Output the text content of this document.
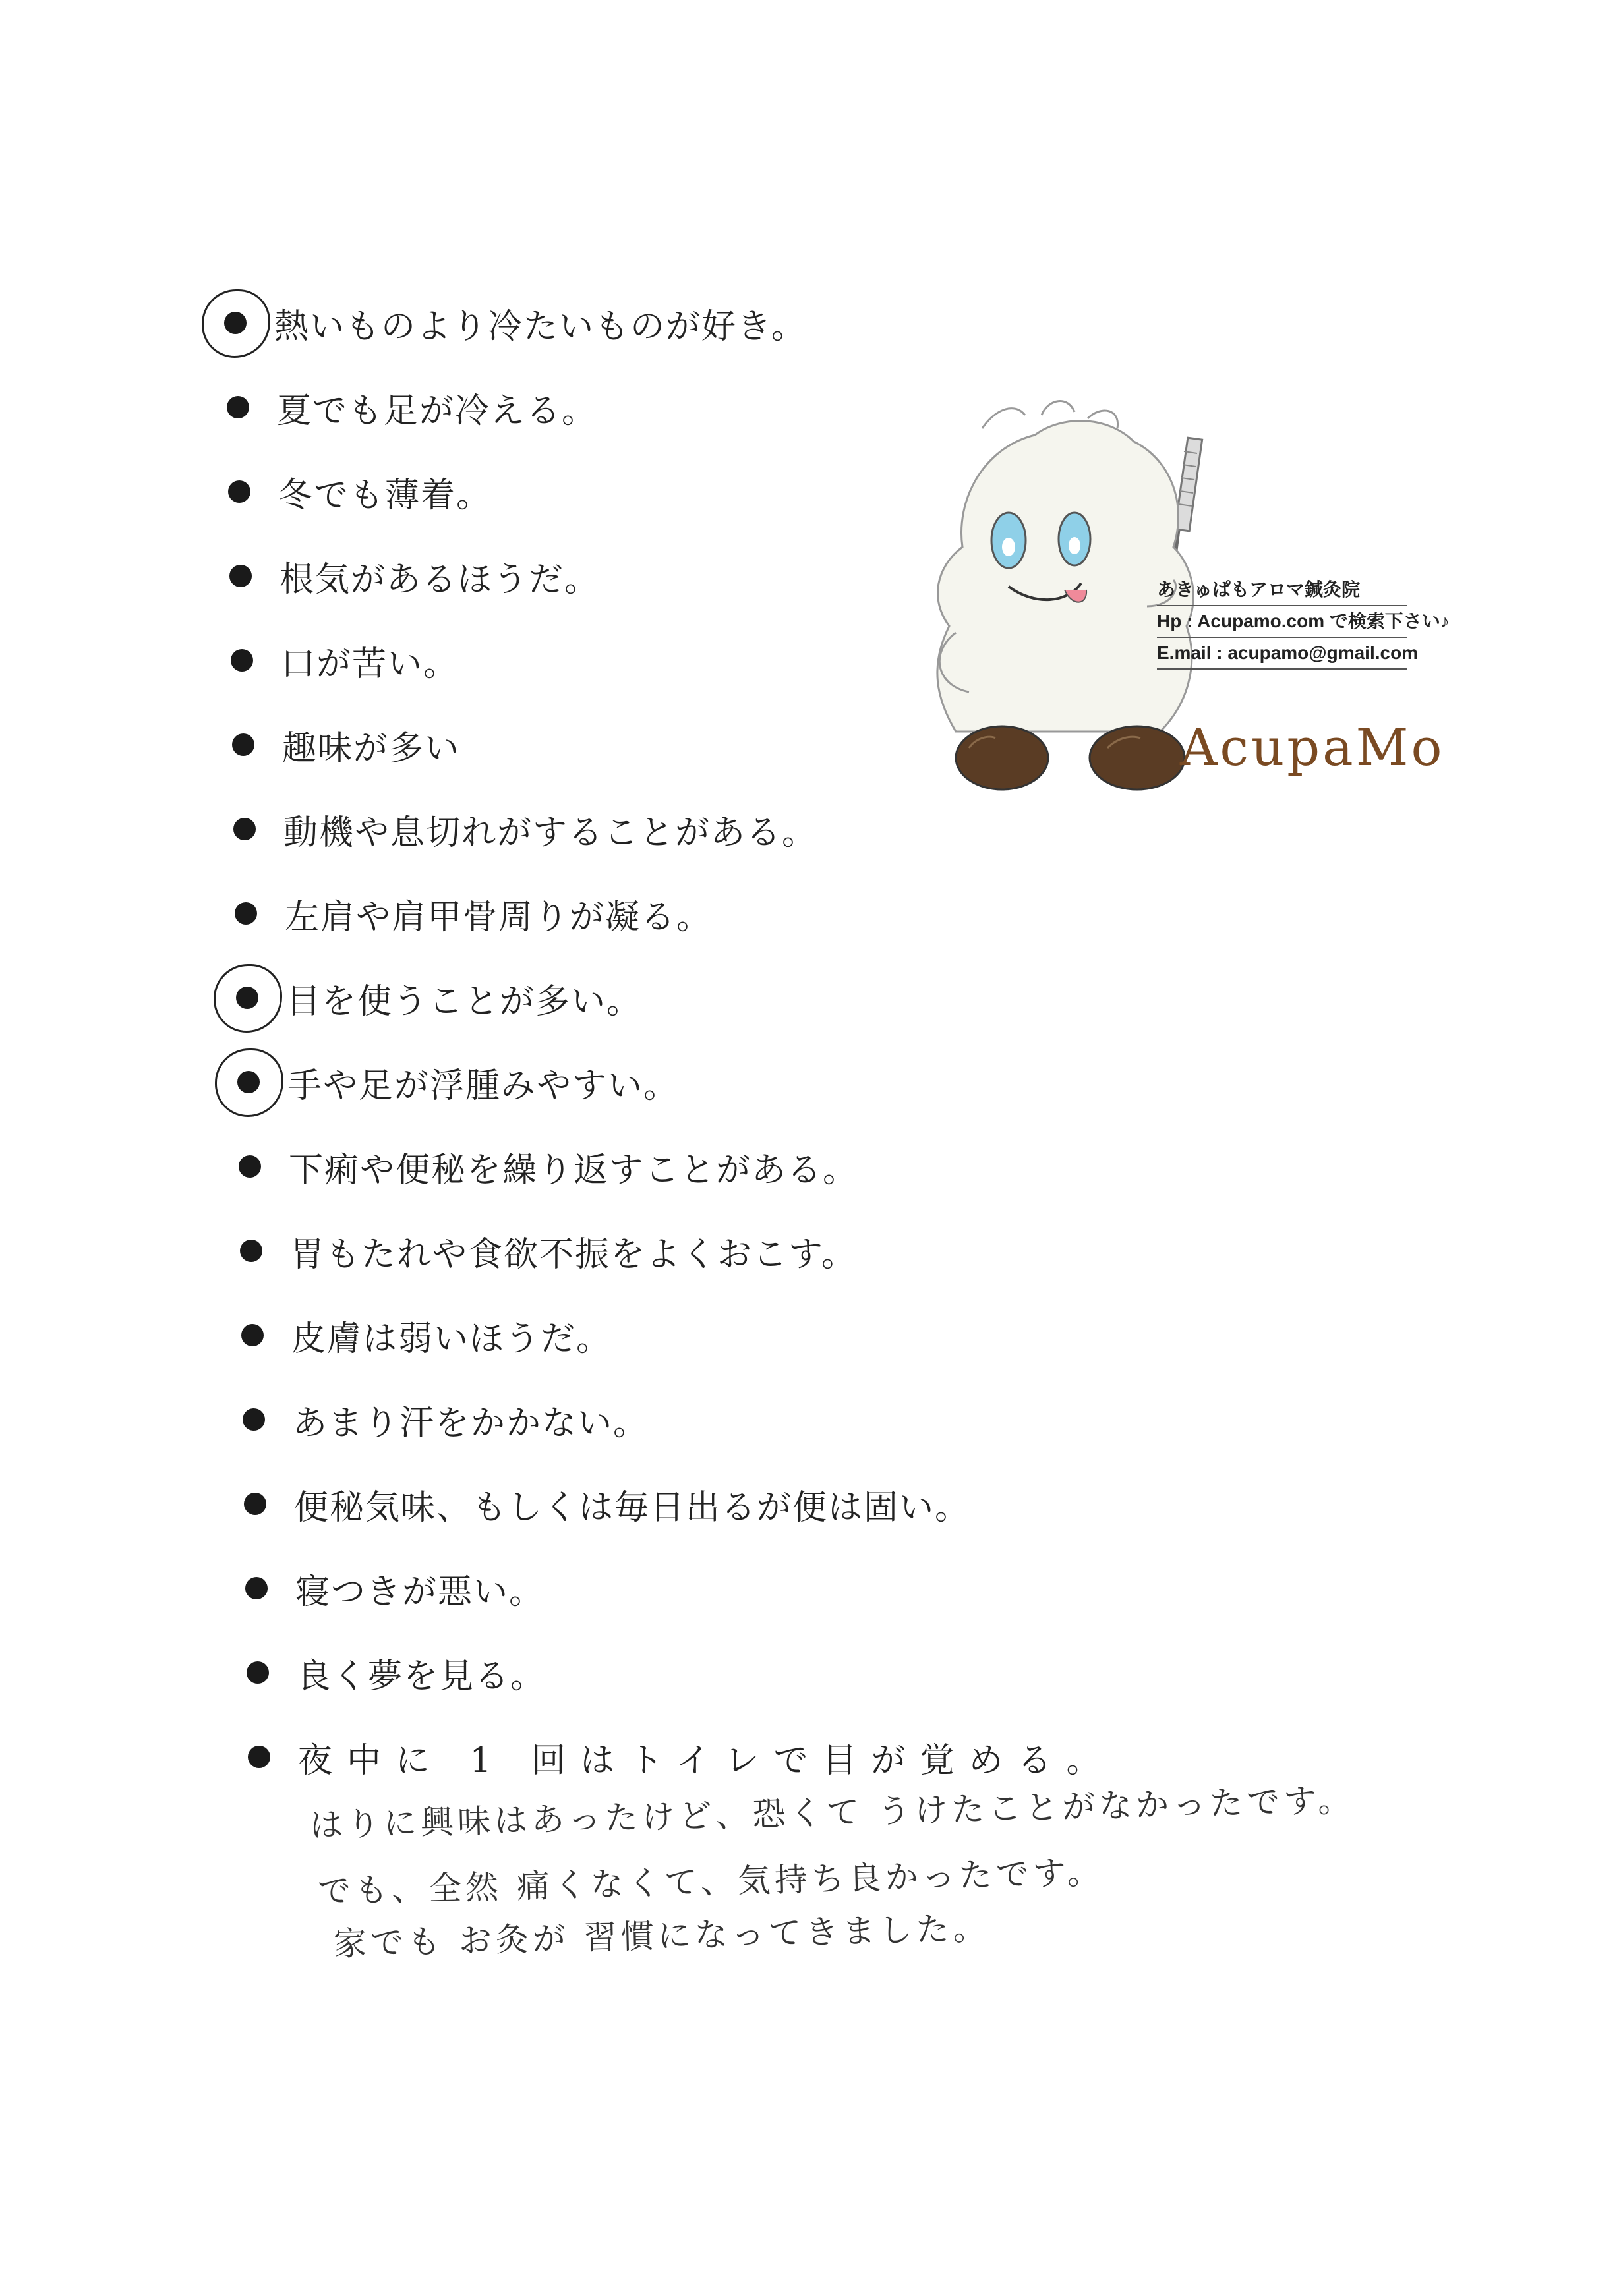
熱いものより冷たいものが好き。
夏でも足が冷える。
冬でも薄着。
根気があるほうだ。
口が苦い。
趣味が多い
動機や息切れがすることがある。
左肩や肩甲骨周りが凝る。
目を使うことが多い。
手や足が浮腫みやすい。
下痢や便秘を繰り返すことがある。
胃もたれや食欲不振をよくおこす。
皮膚は弱いほうだ。
あまり汗をかかない。
便秘気味、もしくは毎日出るが便は固い。
寝つきが悪い。
良く夢を見る。
夜中に 1 回はトイレで目が覚める。
あきゅぱもアロマ鍼灸院
Hp : Acupamo.com で検索下さい♪
E.mail : acupamo@gmail.com
AcupaMo
はりに興味はあったけど、恐くて うけたことがなかったです。
でも、全然 痛くなくて、気持ち良かったです。
家でも お灸が 習慣になってきました。
